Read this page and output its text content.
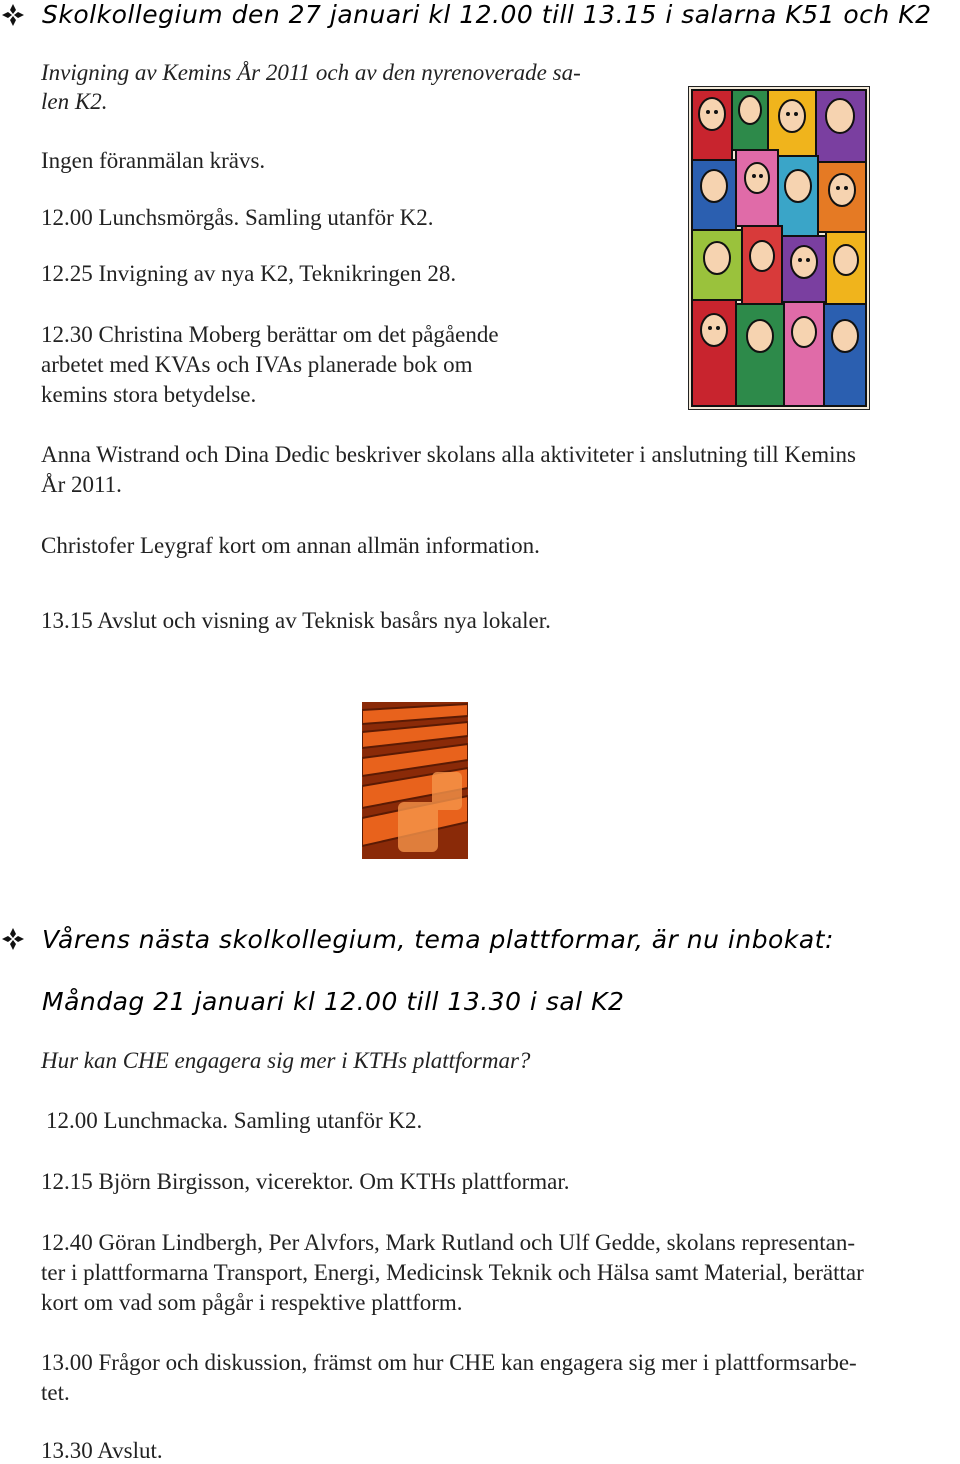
Skolkollegium den 27 januari kl 12.00 till 13.15 i salarna K51 och K2
Invigning av Kemins År 2011 och av den nyrenoverade sa-
len K2.
Ingen föranmälan krävs.
12.00 Lunchsmörgås. Samling utanför K2.
12.25 Invigning av nya K2, Teknikringen 28.
12.30 Christina Moberg berättar om det pågående
arbetet med KVAs och IVAs planerade bok om
kemins stora betydelse.
Anna Wistrand och Dina Dedic beskriver skolans alla aktiviteter i anslutning till Kemins
År 2011.
Christofer Leygraf kort om annan allmän information.
13.15 Avslut och visning av Teknisk basårs nya lokaler.
Vårens nästa skolkollegium, tema plattformar, är nu inbokat:
Måndag 21 januari kl 12.00 till 13.30 i sal K2
Hur kan CHE engagera sig mer i KTHs plattformar?
12.00 Lunchmacka. Samling utanför K2.
12.15 Björn Birgisson, vicerektor. Om KTHs plattformar.
12.40 Göran Lindbergh, Per Alvfors, Mark Rutland och Ulf Gedde, skolans representan-
ter i plattformarna Transport, Energi, Medicinsk Teknik och Hälsa samt Material, berättar
kort om vad som pågår i respektive plattform.
13.00 Frågor och diskussion, främst om hur CHE kan engagera sig mer i plattformsarbe-
tet.
13.30 Avslut.
